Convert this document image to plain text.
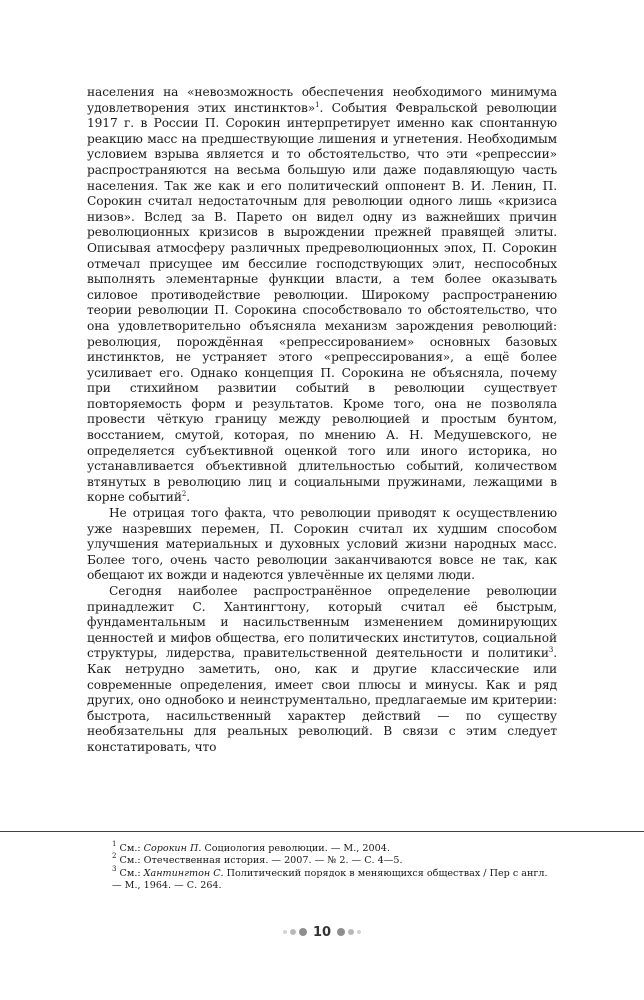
населения на «невозможность обеспечения необходимого минимума удовлетворения этих инстинктов»$^1$. События Февральской революции 1917 г. в России П. Сорокин интерпретирует именно как спонтанную реакцию масс на предшествующие лишения и угнетения. Необходимым условием взрыва является и то обстоятельство, что эти «репрессии» распространяются на весьма большую или даже подавляющую часть населения. Так же как и его политический оппонент В. И. Ленин, П. Сорокин считал недостаточным для революции одного лишь «кризиса низов». Вслед за В. Парето он видел одну из важнейших причин революционных кризисов в вырождении прежней правящей элиты. Описывая атмосферу различных предреволюционных эпох, П. Сорокин отмечал присущее им бессилие господствующих элит, неспособных выполнять элементарные функции власти, а тем более оказывать силовое противодействие революции. Широкому распространению теории революции П. Сорокина способствовало то обстоятельство, что она удовлетворительно объясняла механизм зарождения революций: революция, порождённая «репрессированием» основных базовых инстинктов, не устраняет этого «репрессирования», а ещё более усиливает его. Однако концепция П. Сорокина не объясняла, почему при стихийном развитии событий в революции существует повторяемость форм и результатов. Кроме того, она не позволяла провести чёткую границу между революцией и простым бунтом, восстанием, смутой, которая, по мнению А. Н. Медушевского, не определяется субъективной оценкой того или иного историка, но устанавливается объективной длительностью событий, количеством втянутых в революцию лиц и социальными пружинами, лежащими в корне событий$^2$.

Не отрицая того факта, что революции приводят к осуществлению уже назревших перемен, П. Сорокин считал их худшим способом улучшения материальных и духовных условий жизни народных масс. Более того, очень часто революции заканчиваются вовсе не так, как обещают их вожди и надеются увлечённые их целями люди.

Сегодня наиболее распространённое определение революции принадлежит С. Хантингтону, который считал её быстрым, фундаментальным и насильственным изменением доминирующих ценностей и мифов общества, его политических институтов, социальной структуры, лидерства, правительственной деятельности и политики$^3$. Как нетрудно заметить, оно, как и другие классические или современные определения, имеет свои плюсы и минусы. Как и ряд других, оно однобоко и неинструментально, предлагаемые им критерии: быстрота, насильственный характер действий — по существу необязательны для реальных революций. В связи с этим следует констатировать, что

$^1$ См.: Сорокин П. Социология революции. — М., 2004.
$^2$ См.: Отечественная история. — 2007. — № 2. — С. 4—5.
$^3$ См.: Хантингтон С. Политический порядок в меняющихся обществах / Пер с англ. — М., 1964. — С. 264.
10
